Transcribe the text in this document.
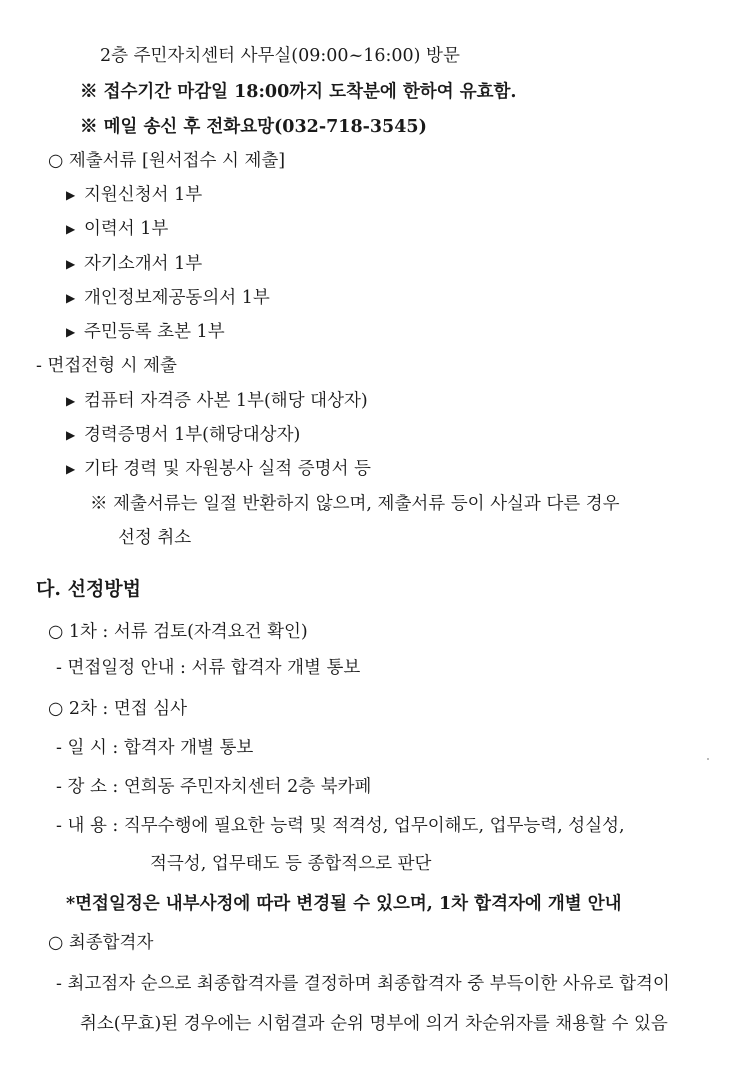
2층 주민자치센터 사무실(09:00~16:00) 방문
※ 접수기간 마감일 18:00까지 도착분에 한하여 유효함.
※ 메일 송신 후 전화요망(032-718-3545)
○ 제출서류 [원서접수 시 제출]
▶ 지원신청서 1부
▶ 이력서 1부
▶ 자기소개서 1부
▶ 개인정보제공동의서 1부
▶ 주민등록 초본 1부
- 면접전형 시 제출
▶ 컴퓨터 자격증 사본 1부(해당 대상자)
▶ 경력증명서 1부(해당대상자)
▶ 기타 경력 및 자원봉사 실적 증명서 등
※ 제출서류는 일절 반환하지 않으며, 제출서류 등이 사실과 다른 경우
선정 취소
다. 선정방법
○ 1차 : 서류 검토(자격요건 확인)
- 면접일정 안내 : 서류 합격자 개별 통보
○ 2차 : 면접 심사
- 일 시 : 합격자 개별 통보
- 장 소 : 연희동 주민자치센터 2층 북카페
- 내 용 : 직무수행에 필요한 능력 및 적격성, 업무이해도, 업무능력, 성실성,
적극성, 업무태도 등 종합적으로 판단
*면접일정은 내부사정에 따라 변경될 수 있으며, 1차 합격자에 개별 안내
○ 최종합격자
- 최고점자 순으로 최종합격자를 결정하며 최종합격자 중 부득이한 사유로 합격이
취소(무효)된 경우에는 시험결과 순위 명부에 의거 차순위자를 채용할 수 있음
